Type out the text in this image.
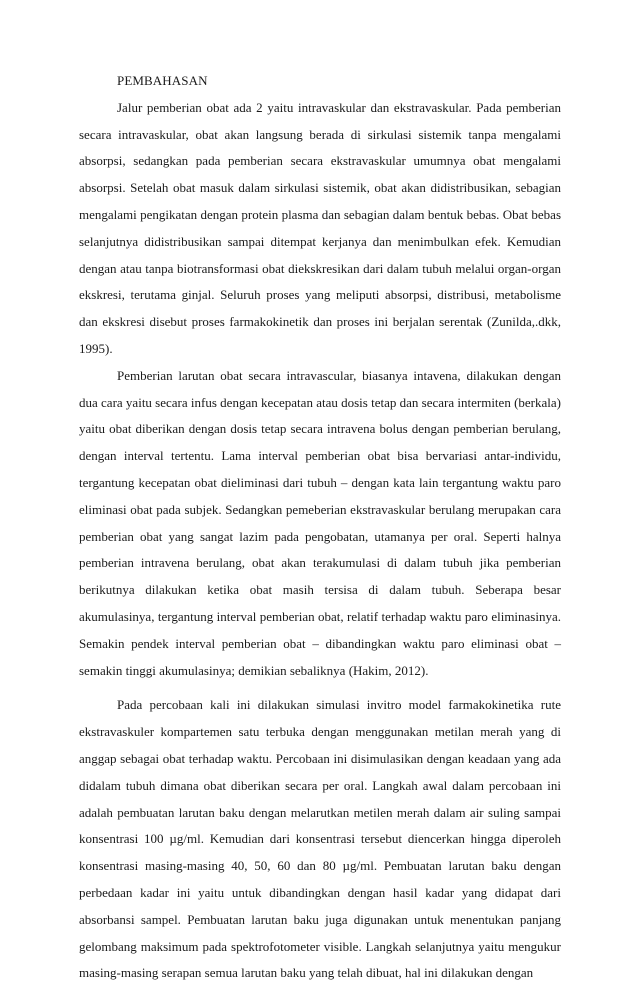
PEMBAHASAN

Jalur pemberian obat ada 2 yaitu intravaskular dan ekstravaskular. Pada pemberian secara intravaskular, obat akan langsung berada di sirkulasi sistemik tanpa mengalami absorpsi, sedangkan pada pemberian secara ekstravaskular umumnya obat mengalami absorpsi. Setelah obat masuk dalam sirkulasi sistemik, obat akan didistribusikan, sebagian mengalami pengikatan dengan protein plasma dan sebagian dalam bentuk bebas. Obat bebas selanjutnya didistribusikan sampai ditempat kerjanya dan menimbulkan efek. Kemudian dengan atau tanpa biotransformasi obat diekskresikan dari dalam tubuh melalui organ-organ ekskresi, terutama ginjal. Seluruh proses yang meliputi absorpsi, distribusi, metabolisme dan ekskresi disebut proses farmakokinetik dan proses ini berjalan serentak (Zunilda,.dkk, 1995).

Pemberian larutan obat secara intravascular, biasanya intavena, dilakukan dengan dua cara yaitu secara infus dengan kecepatan atau dosis tetap dan secara intermiten (berkala) yaitu obat diberikan dengan dosis tetap secara intravena bolus dengan pemberian berulang, dengan interval tertentu. Lama interval pemberian obat bisa bervariasi antar-individu, tergantung kecepatan obat dieliminasi dari tubuh – dengan kata lain tergantung waktu paro eliminasi obat pada subjek. Sedangkan pemeberian ekstravaskular berulang merupakan cara pemberian obat yang sangat lazim pada pengobatan, utamanya per oral. Seperti halnya pemberian intravena berulang, obat akan terakumulasi di dalam tubuh jika pemberian berikutnya dilakukan ketika obat masih tersisa di dalam tubuh. Seberapa besar akumulasinya, tergantung interval pemberian obat, relatif terhadap waktu paro eliminasinya. Semakin pendek interval pemberian obat – dibandingkan waktu paro eliminasi obat – semakin tinggi akumulasinya; demikian sebaliknya (Hakim, 2012).

Pada percobaan kali ini dilakukan simulasi invitro model farmakokinetika rute ekstravaskuler kompartemen satu terbuka dengan menggunakan metilan merah yang di anggap sebagai obat terhadap waktu. Percobaan ini disimulasikan dengan keadaan yang ada didalam tubuh dimana obat diberikan secara per oral. Langkah awal dalam percobaan ini adalah pembuatan larutan baku dengan melarutkan metilen merah dalam air suling sampai konsentrasi 100 µg/ml. Kemudian dari konsentrasi tersebut diencerkan hingga diperoleh konsentrasi masing-masing 40, 50, 60 dan 80 µg/ml. Pembuatan larutan baku dengan perbedaan kadar ini yaitu untuk dibandingkan dengan hasil kadar yang didapat dari absorbansi sampel. Pembuatan larutan baku juga digunakan untuk menentukan panjang gelombang maksimum pada spektrofotometer visible. Langkah selanjutnya yaitu mengukur masing-masing serapan semua larutan baku yang telah dibuat, hal ini dilakukan dengan
